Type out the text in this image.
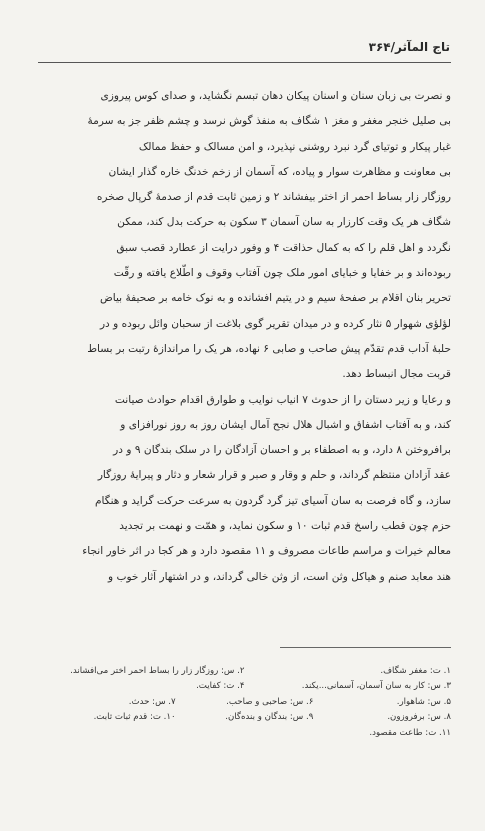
تاج المآثر/۳۶۴
و نصرت بی زبان سنان و اسنان پیکان دهان تبسم نگشاید، و صدای کوس پیروزی
بی صلیل خنجر مغفر و مغز ۱ شگاف به منفذ گوش نرسد و چشم ظفر جز به سرمهٔ
غبار پیکار و توتیای گرد نبرد روشنی نپذیرد، و امن مسالک و حفظ ممالک
بی معاونت و مظاهرت سوار و پیاده، که آسمان از زخم خدنگ خاره گذار ایشان
روزگار زار بساط احمر از اختر بیفشاند ۲ و زمین ثابت قدم از صدمهٔ گرپال صخره
شگاف هر یک وقت کارزار به سان آسمان ۳ سکون به حرکت بدل کند، ممکن
نگردد و اهل قلم را که به کمال حذاقت ۴ و وفور درایت از عطارد قصب سبق
ربوده‌اند و بر خفایا و خبایای امور ملک چون آفتاب وقوف و اطّلاع یافته و رقّت
تحریر بنان اقلام بر صفحهٔ سیم و در یتیم افشانده و به نوک خامه بر صحیفهٔ بیاض
لؤلؤی شهوار ۵ نثار کرده و در میدان تقریر گوی بلاغت از سحبان وائل ربوده و در
حلبهٔ آداب قدم تقدّم پیش صاحب و صابی ۶ نهاده، هر یک را مراندازهٔ رتبت بر بساط
قربت مجال انبساط دهد.
و رعایا و زیر دستان را از حدوث ۷ انیاب نوایب و طوارق اقدام حوادث صیانت
کند، و به آفتاب اشفاق و اشبال هلال نجح آمال ایشان روز به روز نورافزای و
برافروختن ۸ دارد، و به اصطفاء بر و احسان آزادگان را در سلک بندگان ۹ و در
عقد آزادان منتظم گرداند، و حلم و وقار و صبر و قرار شعار و دثار و پیرایهٔ روزگار
سازد، و گاه فرصت به سان آسیای تیز گرد گردون به سرعت حرکت گراید و هنگام
حزم چون قطب راسخ قدم ثبات ۱۰ و سکون نماید، و همّت و نهمت بر تجدید
معالم خیرات و مراسم طاعات مصروف و ۱۱ مقصود دارد و هر کجا در اثر خاور انجاء
هند معابد صنم و هیاکل وثن است، از وثن خالی گرداند، و در اشتهار آثار خوب و
۱. ت: مغفر شگاف.
۲. س: روزگار زار را بساط احمر اختر می‌افشاند.
۳. س: کار به سان آسمان، آسمانی...یکند.
۴. ت: کفایت.
۵. س: شاهوار.
۶. س: صاحبی و صاحب.
۷. س: حدث.
۸. س: برفروزون.
۹. س: بندگان و بنده‌گان.
۱۰. ت: قدم ثبات ثابت.
۱۱. ت: طاعت مقصود.
